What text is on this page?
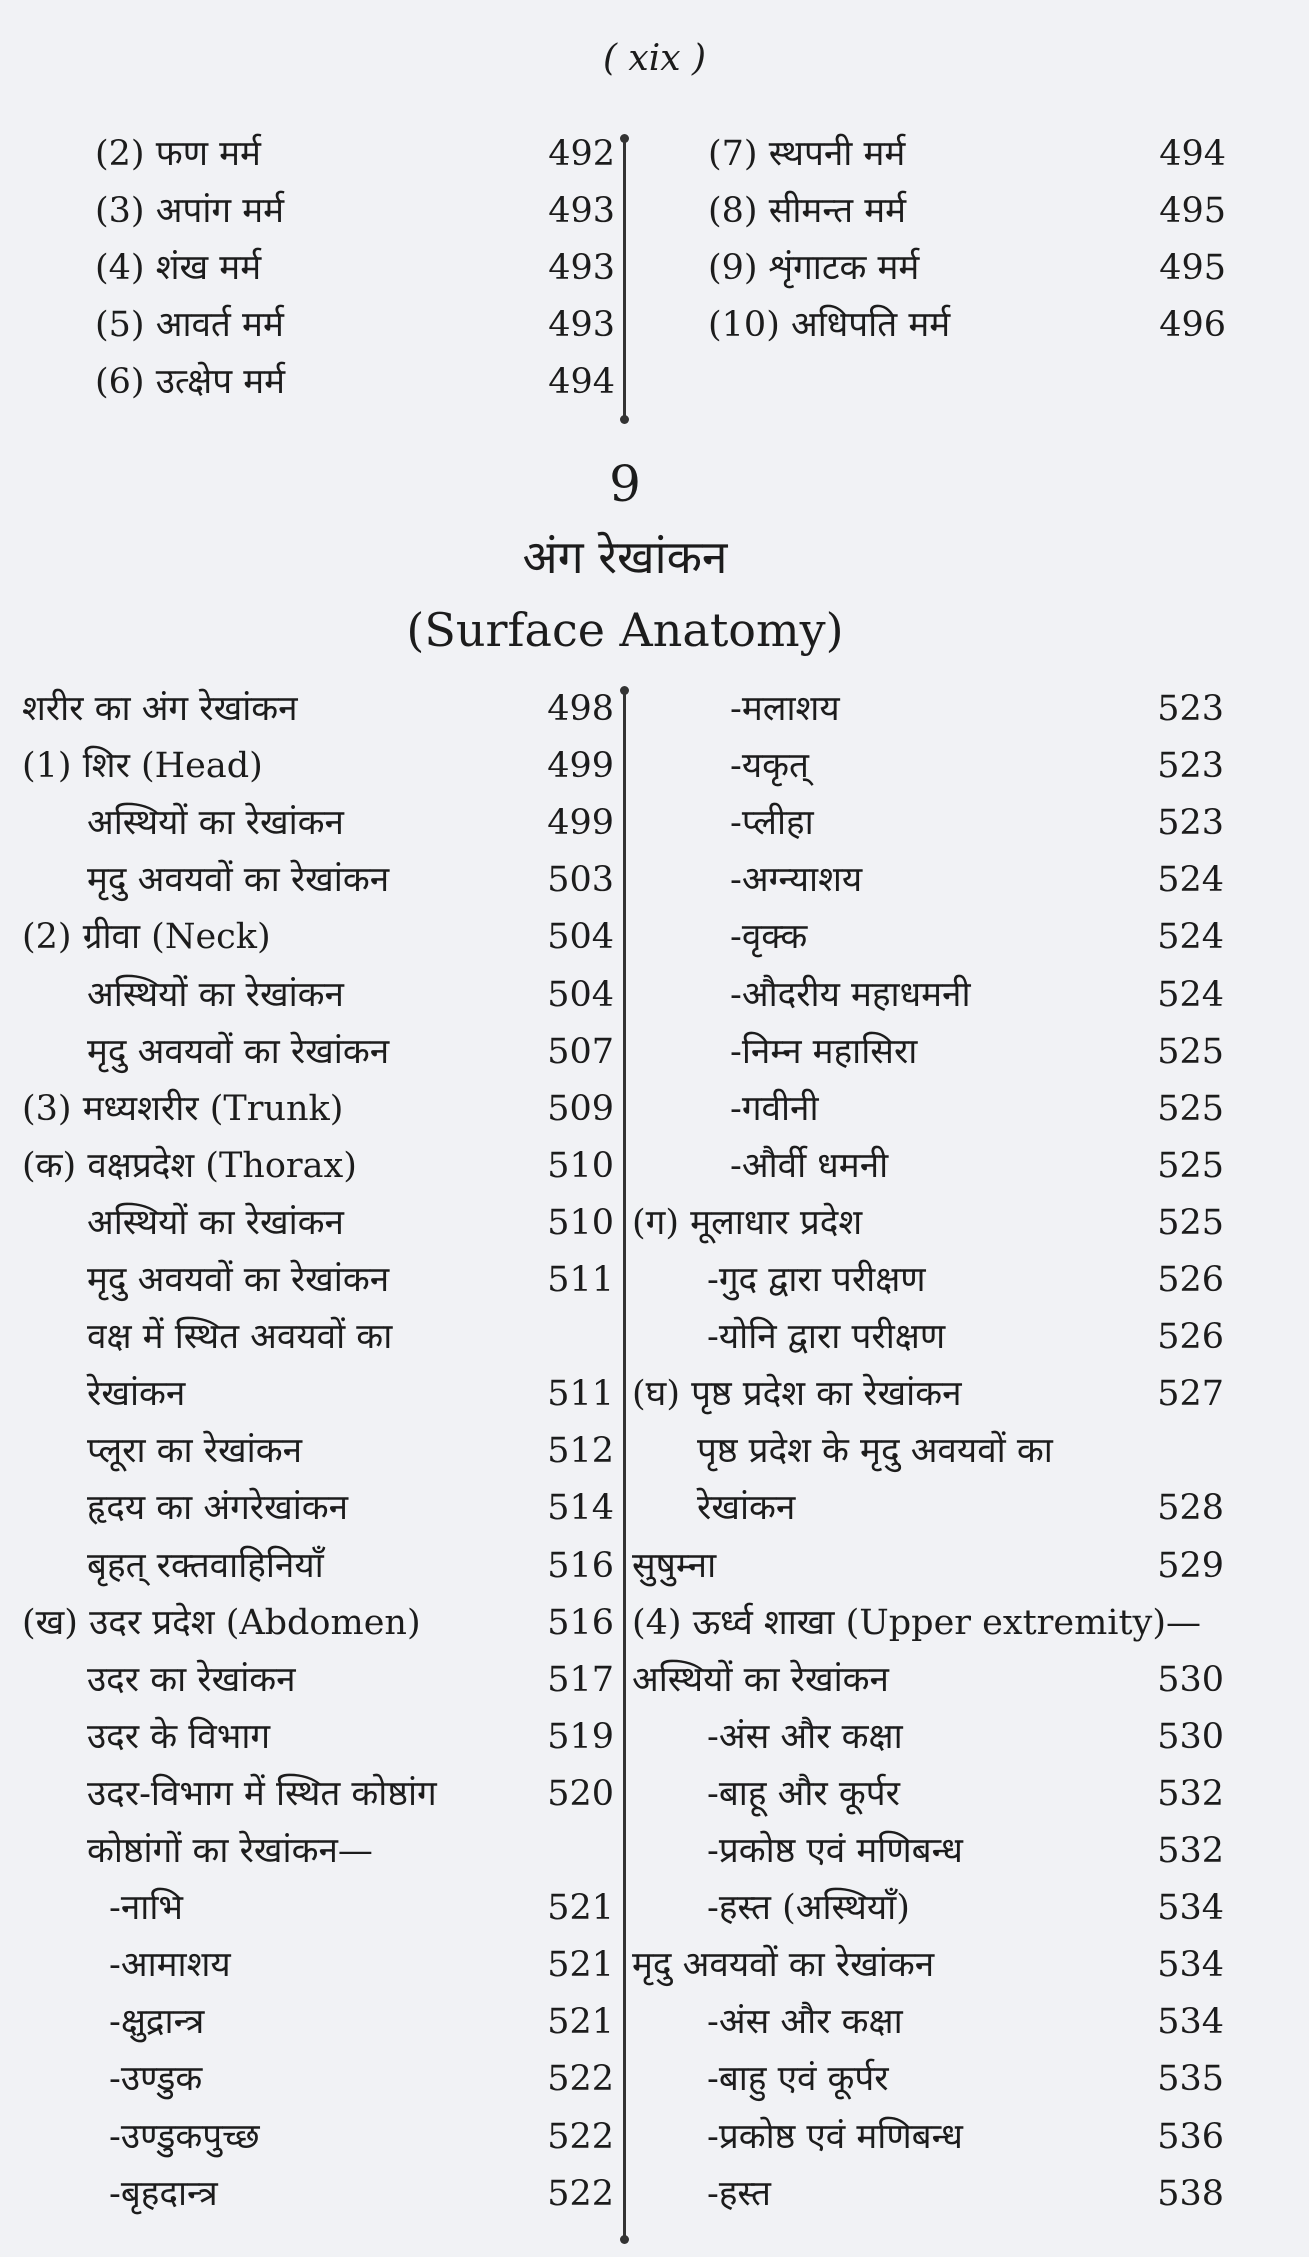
( xix )
(2) फण मर्म	492
(3) अपांग मर्म	493
(4) शंख मर्म	493
(5) आवर्त मर्म	493
(6) उत्क्षेप मर्म	494
(7) स्थपनी मर्म	494
(8) सीमन्त मर्म	495
(9) शृंगाटक मर्म	495
(10) अधिपति मर्म	496
9
अंग रेखांकन
(Surface Anatomy)
शरीर का अंग रेखांकन	498
(1) शिर (Head)	499
अस्थियों का रेखांकन	499
मृदु अवयवों का रेखांकन	503
(2) ग्रीवा (Neck)	504
अस्थियों का रेखांकन	504
मृदु अवयवों का रेखांकन	507
(3) मध्यशरीर (Trunk)	509
(क) वक्षप्रदेश (Thorax)	510
अस्थियों का रेखांकन	510
मृदु अवयवों का रेखांकन	511
वक्ष में स्थित अवयवों का
रेखांकन	511
प्लूरा का रेखांकन	512
हृदय का अंगरेखांकन	514
बृहत् रक्तवाहिनियाँ	516
(ख) उदर प्रदेश (Abdomen)	516
उदर का रेखांकन	517
उदर के विभाग	519
उदर-विभाग में स्थित कोष्ठांग	520
कोष्ठांगों का रेखांकन—
-नाभि	521
-आमाशय	521
-क्षुद्रान्त्र	521
-उण्डुक	522
-उण्डुकपुच्छ	522
-बृहदान्त्र	522
-मलाशय	523
-यकृत्	523
-प्लीहा	523
-अग्न्याशय	524
-वृक्क	524
-औदरीय महाधमनी	524
-निम्न महासिरा	525
-गवीनी	525
-और्वी धमनी	525
(ग) मूलाधार प्रदेश	525
-गुद द्वारा परीक्षण	526
-योनि द्वारा परीक्षण	526
(घ) पृष्ठ प्रदेश का रेखांकन	527
पृष्ठ प्रदेश के मृदु अवयवों का
रेखांकन	528
सुषुम्ना	529
(4) ऊर्ध्व शाखा (Upper extremity)—
अस्थियों का रेखांकन	530
-अंस और कक्षा	530
-बाहू और कूर्पर	532
-प्रकोष्ठ एवं मणिबन्ध	532
-हस्त (अस्थियाँ)	534
मृदु अवयवों का रेखांकन	534
-अंस और कक्षा	534
-बाहु एवं कूर्पर	535
-प्रकोष्ठ एवं मणिबन्ध	536
-हस्त	538
